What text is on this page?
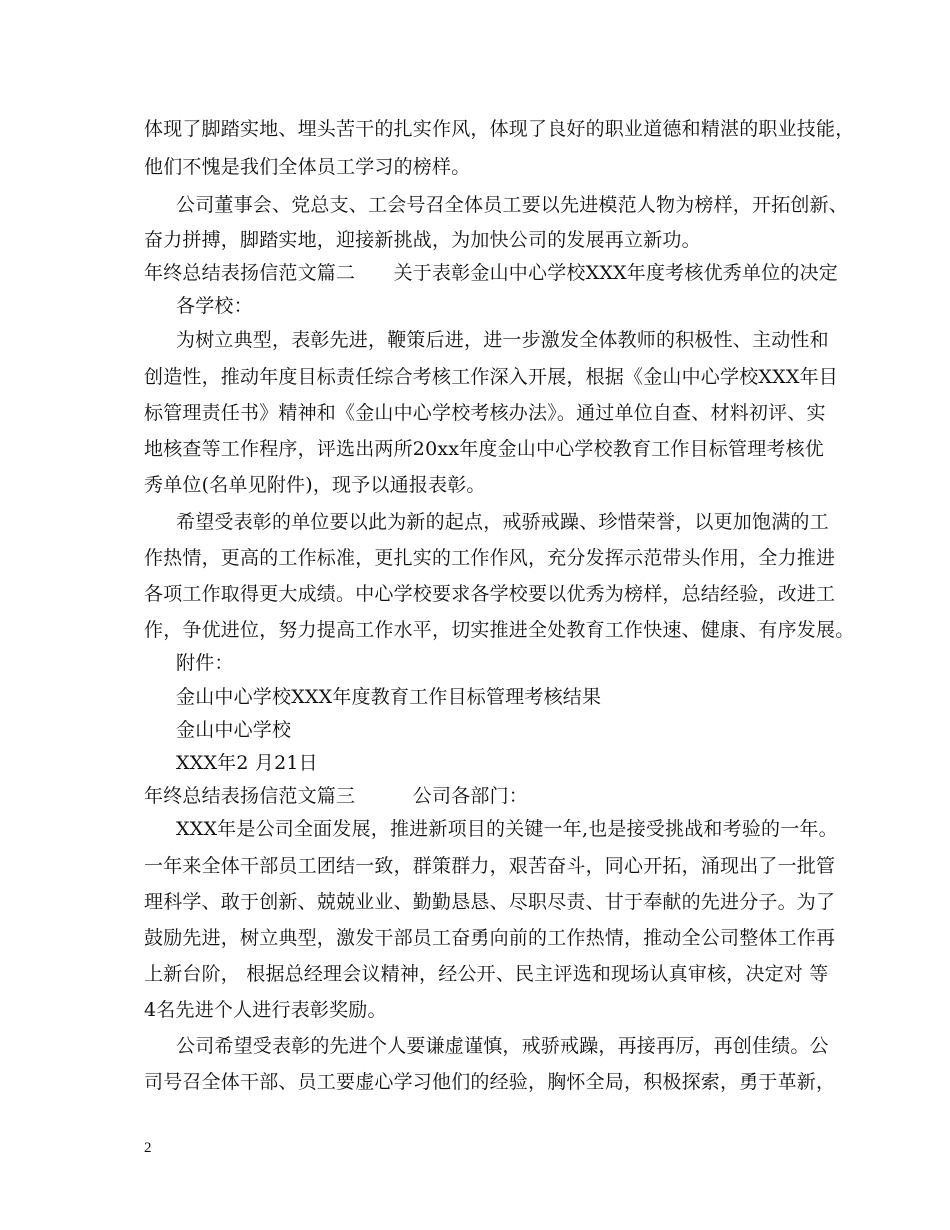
体现了脚踏实地、埋头苦干的扎实作风，体现了良好的职业道德和精湛的职业技能，
他们不愧是我们全体员工学习的榜样。
公司董事会、党总支、工会号召全体员工要以先进模范人物为榜样，开拓创新、
奋力拼搏，脚踏实地，迎接新挑战，为加快公司的发展再立新功。
年终总结表扬信范文篇二　　关于表彰金山中心学校XXX年度考核优秀单位的决定
各学校：
为树立典型，表彰先进，鞭策后进，进一步激发全体教师的积极性、主动性和
创造性，推动年度目标责任综合考核工作深入开展，根据《金山中心学校XXX年目
标管理责任书》精神和《金山中心学校考核办法》。通过单位自查、材料初评、实
地核查等工作程序，评选出两所20xx年度金山中心学校教育工作目标管理考核优
秀单位(名单见附件)，现予以通报表彰。
希望受表彰的单位要以此为新的起点，戒骄戒躁、珍惜荣誉，以更加饱满的工
作热情，更高的工作标准，更扎实的工作作风，充分发挥示范带头作用，全力推进
各项工作取得更大成绩。中心学校要求各学校要以优秀为榜样，总结经验，改进工
作，争优进位，努力提高工作水平，切实推进全处教育工作快速、健康、有序发展。
附件：
金山中心学校XXX年度教育工作目标管理考核结果
金山中心学校
XXX年2 月21日
年终总结表扬信范文篇三　　　公司各部门：
XXX年是公司全面发展，推进新项目的关键一年,也是接受挑战和考验的一年。
一年来全体干部员工团结一致，群策群力，艰苦奋斗，同心开拓，涌现出了一批管
理科学、敢于创新、兢兢业业、勤勤恳恳、尽职尽责、甘于奉献的先进分子。为了
鼓励先进，树立典型，激发干部员工奋勇向前的工作热情，推动全公司整体工作再
上新台阶， 根据总经理会议精神，经公开、民主评选和现场认真审核，决定对 等
4名先进个人进行表彰奖励。
公司希望受表彰的先进个人要谦虚谨慎，戒骄戒躁，再接再厉，再创佳绩。公
司号召全体干部、员工要虚心学习他们的经验，胸怀全局，积极探索，勇于革新，
2
